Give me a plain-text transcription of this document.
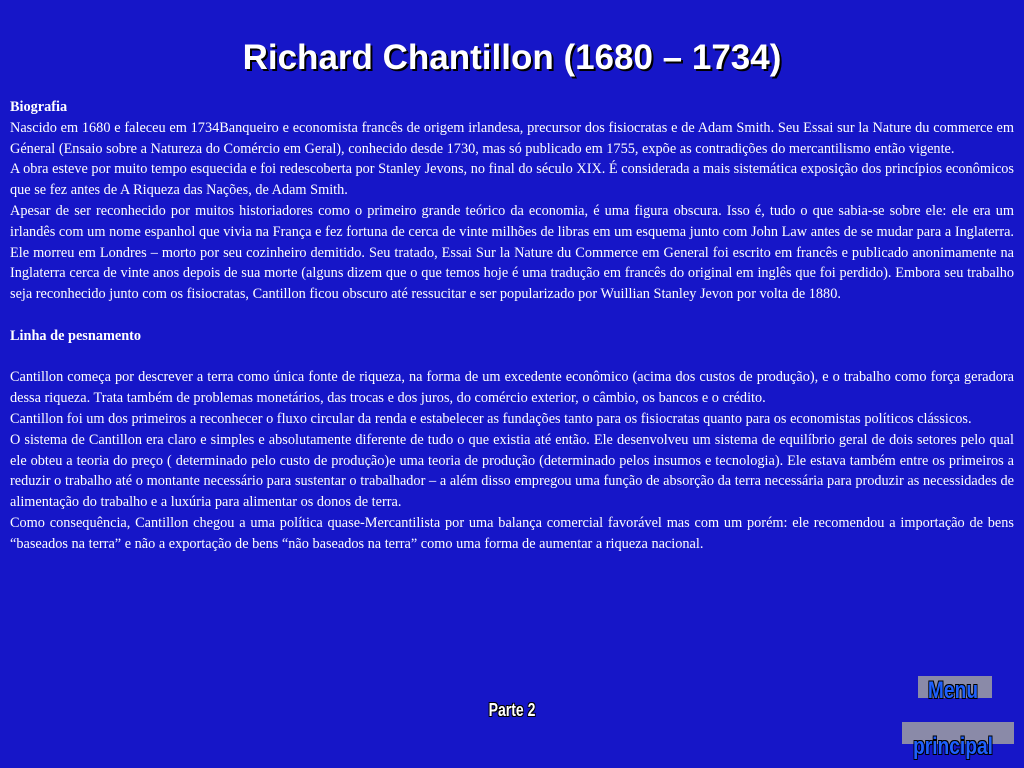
Richard Chantillon (1680 – 1734)

Biografia

Nascido em 1680 e faleceu em 1734Banqueiro e economista francês de origem irlandesa, precursor dos fisiocratas e de Adam Smith. Seu Essai sur la Nature du commerce em Géneral (Ensaio sobre a Natureza do Comércio em Geral), conhecido desde 1730, mas só publicado em 1755, expõe as contradições do mercantilismo então vigente.

A obra esteve por muito tempo esquecida e foi redescoberta por Stanley Jevons, no final do século XIX. É considerada a mais sistemática exposição dos princípios econômicos que se fez antes de A Riqueza das Nações, de Adam Smith.

Apesar de ser reconhecido por muitos historiadores como o primeiro grande teórico da economia, é uma figura obscura. Isso é, tudo o que sabia-se sobre ele: ele era um irlandês com um nome espanhol que vivia na França e fez fortuna de cerca de vinte milhões de libras em um esquema junto com John Law antes de se mudar para a Inglaterra. Ele morreu em Londres – morto por seu cozinheiro demitido. Seu tratado, Essai Sur la Nature du Commerce em General foi escrito em francês e publicado anonimamente na Inglaterra cerca de vinte anos depois de sua morte (alguns dizem que o que temos hoje é uma tradução em francês do original em inglês que foi perdido). Embora seu trabalho seja reconhecido junto com os fisiocratas, Cantillon ficou obscuro até ressucitar e ser popularizado por Wuillian Stanley Jevon por volta de 1880.

Linha de pesnamento

Cantillon começa por descrever a terra como única fonte de riqueza, na forma de um excedente econômico (acima dos custos de produção), e o trabalho como força geradora dessa riqueza. Trata também de problemas monetários, das trocas e dos juros, do comércio exterior, o câmbio, os bancos e o crédito.

Cantillon foi um dos primeiros a reconhecer o fluxo circular da renda e estabelecer as fundações tanto para os fisiocratas quanto para os economistas políticos clássicos.

O sistema de Cantillon era claro e simples e absolutamente diferente de tudo o que existia até então. Ele desenvolveu um sistema de equilíbrio geral de dois setores pelo qual ele obteu a teoria do preço ( determinado pelo custo de produção)e uma teoria de produção (determinado pelos insumos e tecnologia). Ele estava também entre os primeiros a reduzir o trabalho até o montante necessário para sustentar o trabalhador – a além disso empregou uma função de absorção da terra necessária para produzir as necessidades de alimentação do trabalho e a luxúria para alimentar os donos de terra.

Como consequência, Cantillon chegou a uma política quase-Mercantilista por uma balança comercial favorável mas com um porém: ele recomendou a importação de bens “baseados na terra” e não a exportação de bens “não baseados na terra” como uma forma de aumentar a riqueza nacional.

Parte 2
Menu
principal
